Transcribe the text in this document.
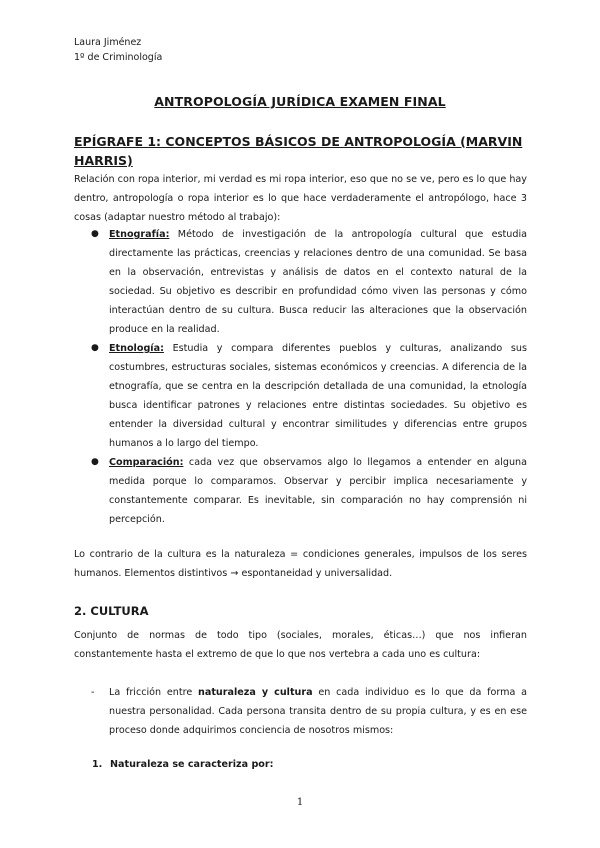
Laura Jiménez
1º de Criminología
ANTROPOLOGÍA JURÍDICA EXAMEN FINAL
EPÍGRAFE 1: CONCEPTOS BÁSICOS DE ANTROPOLOGÍA (MARVIN HARRIS)
Relación con ropa interior, mi verdad es mi ropa interior, eso que no se ve, pero es lo que hay dentro, antropología o ropa interior es lo que hace verdaderamente el antropólogo, hace 3 cosas (adaptar nuestro método al trabajo):
● Etnografía: Método de investigación de la antropología cultural que estudia directamente las prácticas, creencias y relaciones dentro de una comunidad. Se basa en la observación, entrevistas y análisis de datos en el contexto natural de la sociedad. Su objetivo es describir en profundidad cómo viven las personas y cómo interactúan dentro de su cultura. Busca reducir las alteraciones que la observación produce en la realidad.
● Etnología: Estudia y compara diferentes pueblos y culturas, analizando sus costumbres, estructuras sociales, sistemas económicos y creencias. A diferencia de la etnografía, que se centra en la descripción detallada de una comunidad, la etnología busca identificar patrones y relaciones entre distintas sociedades. Su objetivo es entender la diversidad cultural y encontrar similitudes y diferencias entre grupos humanos a lo largo del tiempo.
● Comparación: cada vez que observamos algo lo llegamos a entender en alguna medida porque lo comparamos. Observar y percibir implica necesariamente y constantemente comparar. Es inevitable, sin comparación no hay comprensión ni percepción.
Lo contrario de la cultura es la naturaleza = condiciones generales, impulsos de los seres humanos. Elementos distintivos → espontaneidad y universalidad.
2. CULTURA
Conjunto de normas de todo tipo (sociales, morales, éticas…) que nos infieran constantemente hasta el extremo de que lo que nos vertebra a cada uno es cultura:
- La fricción entre naturaleza y cultura en cada individuo es lo que da forma a nuestra personalidad. Cada persona transita dentro de su propia cultura, y es en ese proceso donde adquirimos conciencia de nosotros mismos:
1. Naturaleza se caracteriza por:
1
